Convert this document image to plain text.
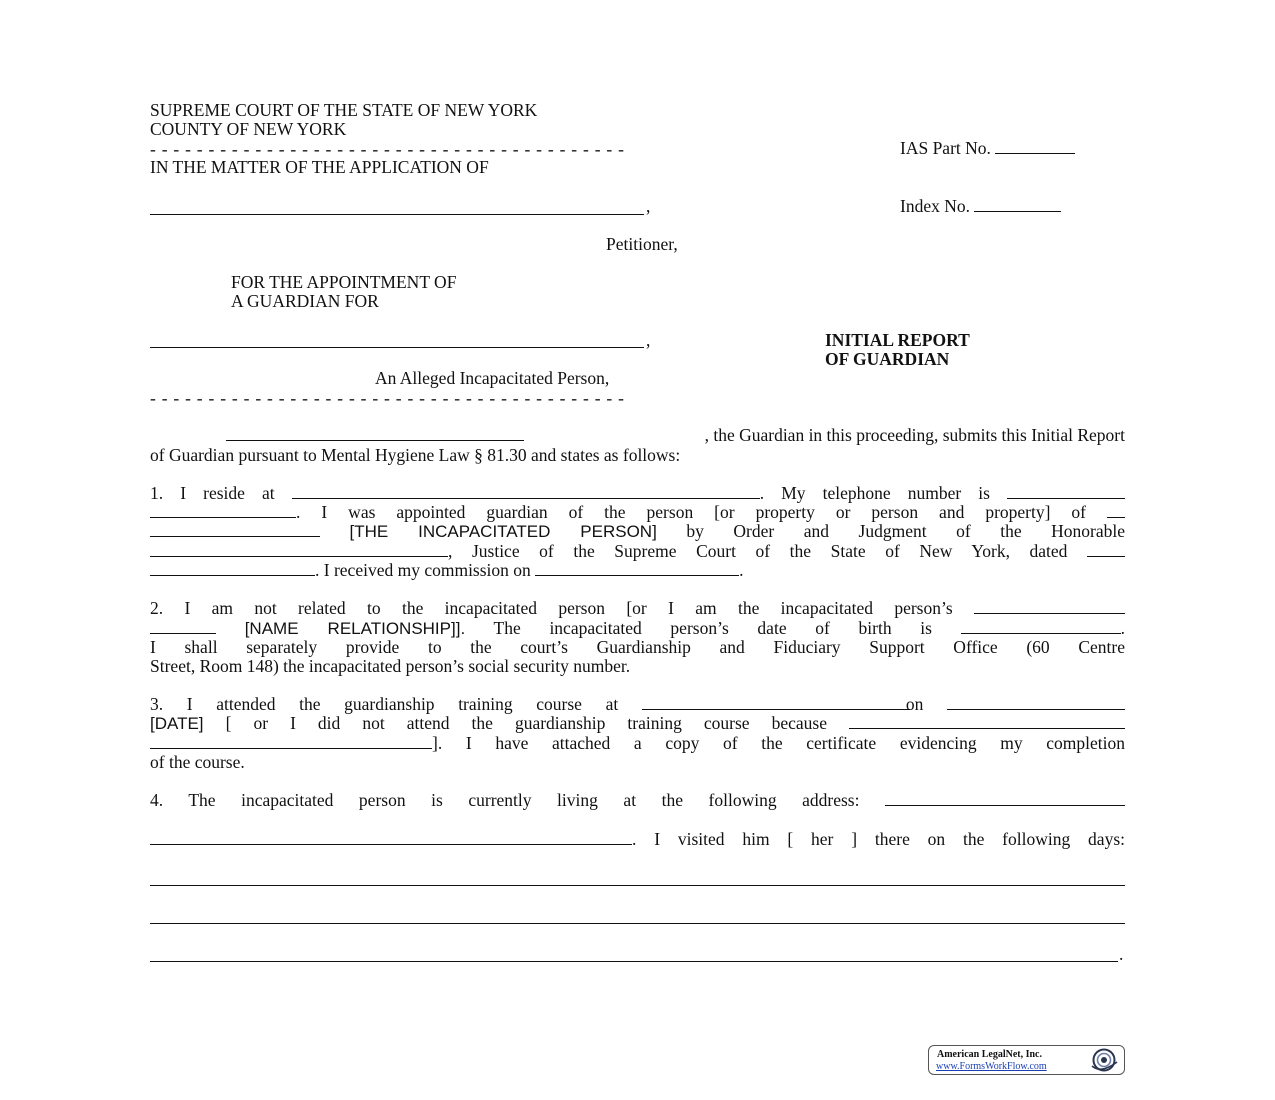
SUPREME COURT OF THE STATE OF NEW YORK
COUNTY OF NEW YORK
- - - - - - - - - - - - - - - - - - - - - - - - - - - - - - - - - - - - - - - - -
IN THE MATTER OF THE APPLICATION OF
,
Petitioner,
FOR THE APPOINTMENT OF
A GUARDIAN FOR
,
An Alleged Incapacitated Person,
- - - - - - - - - - - - - - - - - - - - - - - - - - - - - - - - - - - - - - - - -
IAS Part No.
Index No.
INITIAL REPORT
OF GUARDIAN
, the Guardian in this proceeding, submits this Initial Report
of Guardian pursuant to Mental Hygiene Law § 81.30 and states as follows:
1. I reside at	. My telephone number is
. I was appointed guardian of the person [or property or person and property] of
[THE INCAPACITATED PERSON] by Order and Judgment of the Honorable
, Justice of the Supreme Court of the State of New York, dated
. I received my commission on	.
2. I am not related to the incapacitated person [or I am the incapacitated person’s
[NAME RELATIONSHIP]]. The incapacitated person’s date of birth is	.
I shall separately provide to the court’s Guardianship and Fiduciary Support Office (60 Centre
Street, Room 148) the incapacitated person’s social security number.
3. I attended the guardianship training course at	on
[DATE] [ or I did not attend the guardianship training course because
]. I have attached a copy of the certificate evidencing my completion
of the course.
4. The incapacitated person is currently living at the following address:
. I visited him [ her ] there on the following days:
.
American LegalNet, Inc.
www.FormsWorkFlow.com
